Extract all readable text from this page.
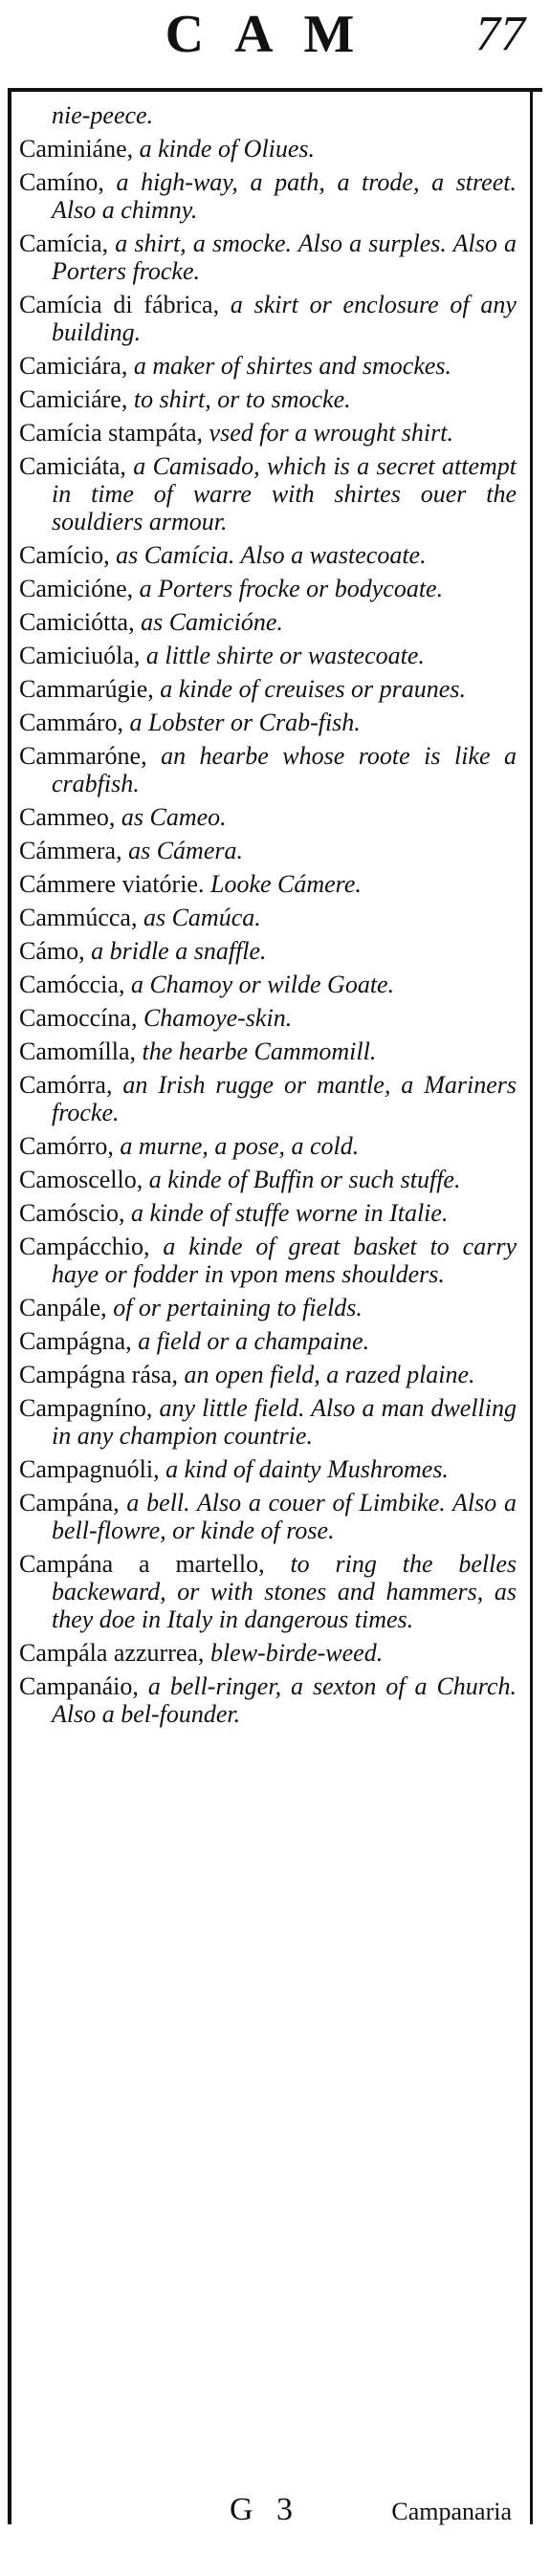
CAM	77

nie-peece.

Caminiáne, a kinde of Oliues.

Camíno, a high-way, a path, a trode, a street. Also a chimny.

Camícia, a shirt, a smocke. Also a surples. Also a Porters frocke.

Camícia di fábrica, a skirt or enclosure of any building.

Camiciára, a maker of shirtes and smockes.

Camiciáre, to shirt, or to smocke.

Camícia stampáta, vsed for a wrought shirt.

Camiciáta, a Camisado, which is a secret attempt in time of warre with shirtes ouer the souldiers armour.

Camício, as Camícia. Also a wastecoate.

Camicióne, a Porters frocke or bodycoate.

Camiciótta, as Camicióne.

Camiciuóla, a little shirte or wastecoate.

Cammarúgie, a kinde of creuises or praunes.

Cammáro, a Lobster or Crab-fish.

Cammaróne, an hearbe whose roote is like a crabfish.

Cammeo, as Cameo.

Cámmera, as Cámera.

Cámmere viatórie. Looke Cámere.

Cammúcca, as Camúca.

Cámo, a bridle a snaffle.

Camóccia, a Chamoy or wilde Goate.

Camoccína, Chamoye-skin.

Camomílla, the hearbe Cammomill.

Camórra, an Irish rugge or mantle, a Mariners frocke.

Camórro, a murne, a pose, a cold.

Camoscello, a kinde of Buffin or such stuffe.

Camóscio, a kinde of stuffe worne in Italie.

Campácchio, a kinde of great basket to carry haye or fodder in vpon mens shoulders.

Canpále, of or pertaining to fields.

Campágna, a field or a champaine.

Campágna rása, an open field, a razed plaine.

Campagníno, any little field. Also a man dwelling in any champion countrie.

Campagnuóli, a kind of dainty Mushromes.

Campána, a bell. Also a couer of Limbike. Also a bell-flowre, or kinde of rose.

Campána a martello, to ring the belles backeward, or with stones and hammers, as they doe in Italy in dangerous times.

Campála azzurrea, blew-birde-weed.

Campanáio, a bell-ringer, a sexton of a Church. Also a bel-founder.

G 3	Campanaria
